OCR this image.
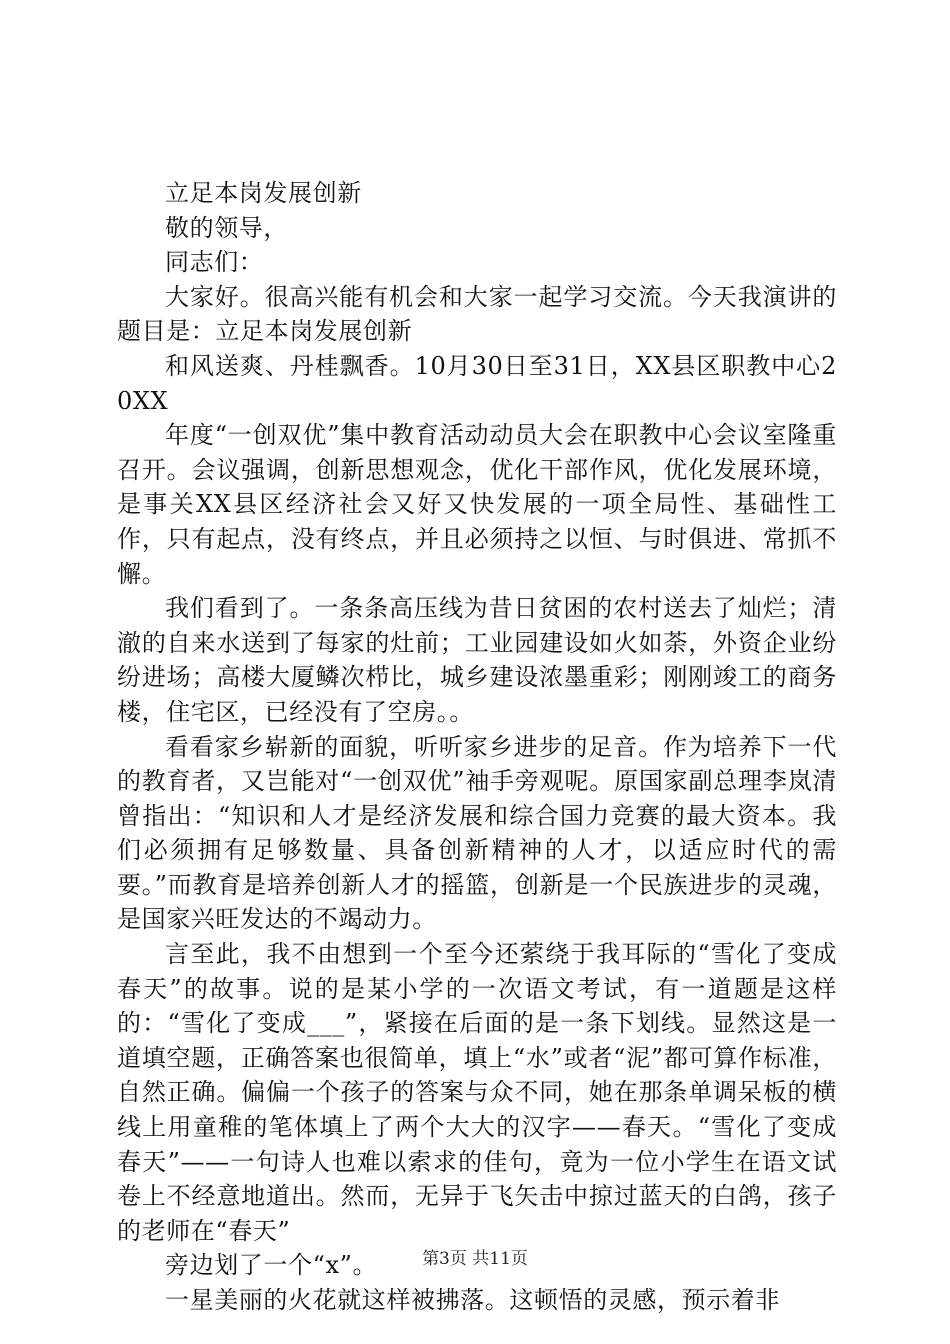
立足本岗发展创新

敬的领导，

同志们：

大家好。很高兴能有机会和大家一起学习交流。今天我演讲的题目是：立足本岗发展创新

和风送爽、丹桂飘香。10月30日至31日，XX县区职教中心20XX

年度“一创双优”集中教育活动动员大会在职教中心会议室隆重召开。会议强调，创新思想观念，优化干部作风，优化发展环境，是事关XX县区经济社会又好又快发展的一项全局性、基础性工作，只有起点，没有终点，并且必须持之以恒、与时俱进、常抓不懈。

我们看到了。一条条高压线为昔日贫困的农村送去了灿烂；清澈的自来水送到了每家的灶前；工业园建设如火如荼，外资企业纷纷进场；高楼大厦鳞次栉比，城乡建设浓墨重彩；刚刚竣工的商务楼，住宅区，已经没有了空房。。

看看家乡崭新的面貌，听听家乡进步的足音。作为培养下一代的教育者，又岂能对“一创双优”袖手旁观呢。原国家副总理李岚清曾指出：“知识和人才是经济发展和综合国力竞赛的最大资本。我们必须拥有足够数量、具备创新精神的人才，以适应时代的需要。”而教育是培养创新人才的摇篮，创新是一个民族进步的灵魂，是国家兴旺发达的不竭动力。

言至此，我不由想到一个至今还萦绕于我耳际的“雪化了变成春天”的故事。说的是某小学的一次语文考试，有一道题是这样的：“雪化了变成___”，紧接在后面的是一条下划线。显然这是一道填空题，正确答案也很简单，填上“水”或者“泥”都可算作标准，自然正确。偏偏一个孩子的答案与众不同，她在那条单调呆板的横线上用童稚的笔体填上了两个大大的汉字——春天。“雪化了变成春天”——一句诗人也难以索求的佳句，竟为一位小学生在语文试卷上不经意地道出。然而，无异于飞矢击中掠过蓝天的白鸽，孩子的老师在“春天”

旁边划了一个“x”。

一星美丽的火花就这样被拂落。这顿悟的灵感，预示着非

第3页 共11页
